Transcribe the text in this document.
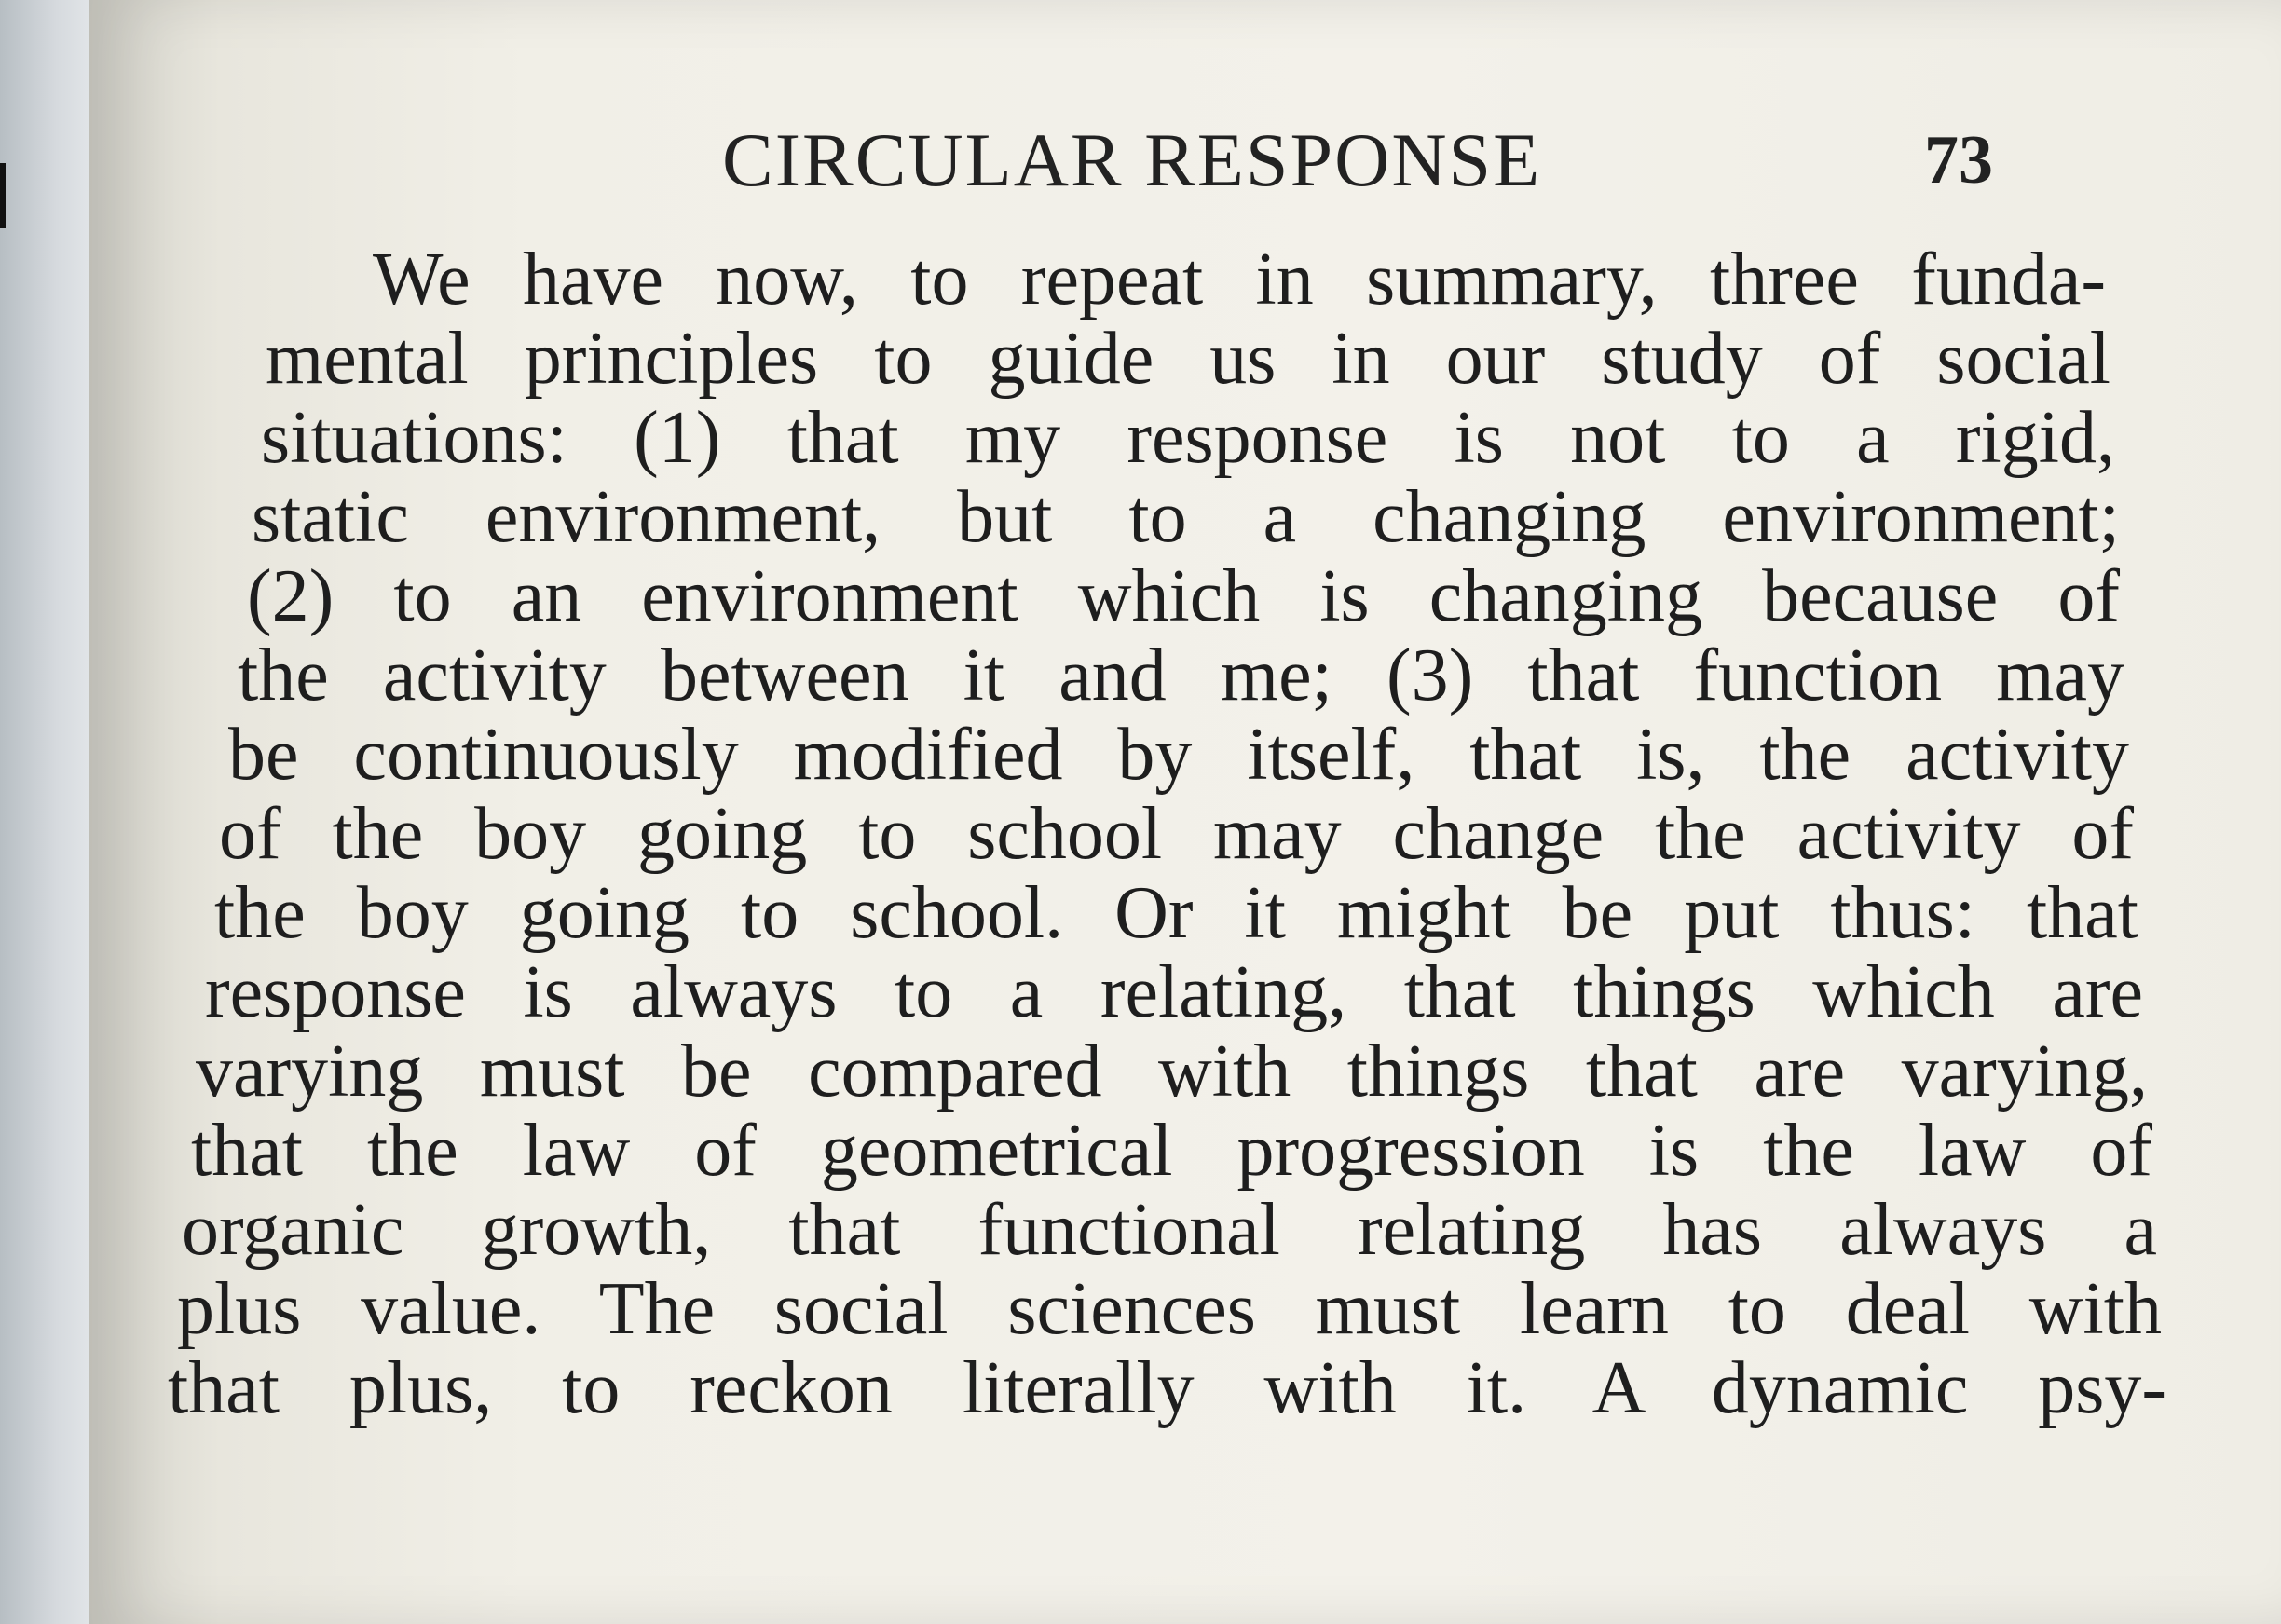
CIRCULAR RESPONSE	73
We have now, to repeat in summary, three funda-
mental principles to guide us in our study of social
situations: (1) that my response is not to a rigid,
static environment, but to a changing environment;
(2) to an environment which is changing because of
the activity between it and me; (3) that function may
be continuously modified by itself, that is, the activity
of the boy going to school may change the activity of
the boy going to school. Or it might be put thus: that
response is always to a relating, that things which are
varying must be compared with things that are varying,
that the law of geometrical progression is the law of
organic growth, that functional relating has always a
plus value. The social sciences must learn to deal with
that plus, to reckon literally with it. A dynamic psy-
